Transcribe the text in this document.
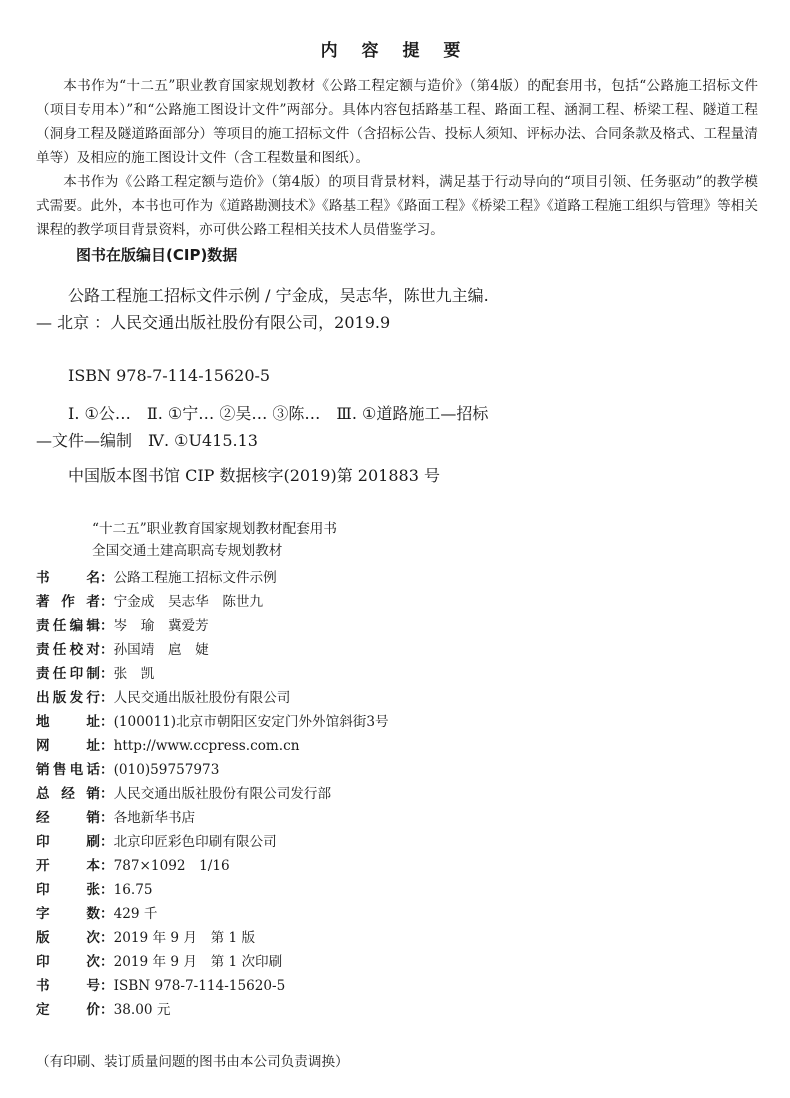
内 容 提 要

本书作为“十二五”职业教育国家规划教材《公路工程定额与造价》（第4版）的配套用书，包括“公路施工招标文件（项目专用本）”和“公路施工图设计文件”两部分。具体内容包括路基工程、路面工程、涵洞工程、桥梁工程、隧道工程（洞身工程及隧道路面部分）等项目的施工招标文件（含招标公告、投标人须知、评标办法、合同条款及格式、工程量清单等）及相应的施工图设计文件（含工程数量和图纸）。

本书作为《公路工程定额与造价》（第4版）的项目背景材料，满足基于行动导向的“项目引领、任务驱动”的教学模式需要。此外，本书也可作为《道路勘测技术》《路基工程》《路面工程》《桥梁工程》《道路工程施工组织与管理》等相关课程的教学项目背景资料，亦可供公路工程相关技术人员借鉴学习。

图书在版编目(CIP)数据

公路工程施工招标文件示例 / 宁金成，吴志华，陈世九主编. — 北京 ：人民交通出版社股份有限公司，2019.9

ISBN 978-7-114-15620-5

Ⅰ. ①公…　Ⅱ. ①宁… ②吴… ③陈…　Ⅲ. ①道路施工—招标—文件—编制　Ⅳ. ①U415.13

中国版本图书馆 CIP 数据核字(2019)第 201883 号

“十二五”职业教育国家规划教材配套用书
全国交通土建高职高专规划教材
书　名：公路工程施工招标文件示例
著 作 者：宁金成　吴志华　陈世九
责任编辑：岑　瑜　冀爱芳
责任校对：孙国靖　扈　婕
责任印制：张　凯
出版发行：人民交通出版社股份有限公司
地　址：(100011)北京市朝阳区安定门外外馆斜街3号
网　址：http://www.ccpress.com.cn
销售电话：(010)59757973
总 经 销：人民交通出版社股份有限公司发行部
经　销：各地新华书店
印　刷：北京印匠彩色印刷有限公司
开　本：787×1092　1/16
印　张：16.75
字　数：429 千
版　次：2019 年 9 月　第 1 版
印　次：2019 年 9 月　第 1 次印刷
书　号：ISBN 978-7-114-15620-5
定　价：38.00 元
（有印刷、装订质量问题的图书由本公司负责调换）
